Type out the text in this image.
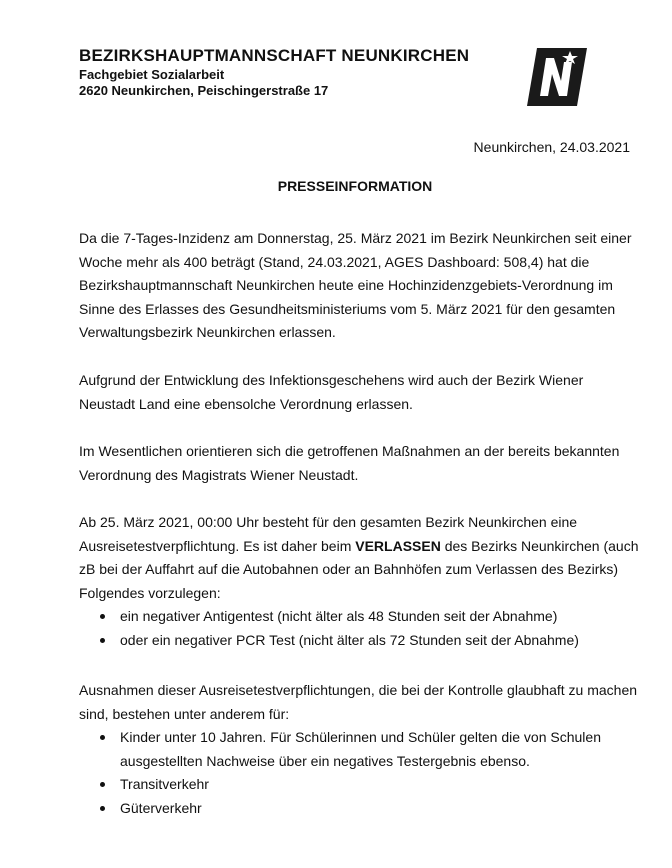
BEZIRKSHAUPTMANNSCHAFT NEUNKIRCHEN
Fachgebiet Sozialarbeit
2620 Neunkirchen, Peischingerstraße 17
Neunkirchen, 24.03.2021
PRESSEINFORMATION

Da die 7-Tages-Inzidenz am Donnerstag, 25. März 2021 im Bezirk Neunkirchen seit einer Woche mehr als 400 beträgt (Stand, 24.03.2021, AGES Dashboard: 508,4) hat die Bezirkshauptmannschaft Neunkirchen heute eine Hochinzidenzgebiets-Verordnung im Sinne des Erlasses des Gesundheitsministeriums vom 5. März 2021 für den gesamten Verwaltungsbezirk Neunkirchen erlassen.

Aufgrund der Entwicklung des Infektionsgeschehens wird auch der Bezirk Wiener Neustadt Land eine ebensolche Verordnung erlassen.

Im Wesentlichen orientieren sich die getroffenen Maßnahmen an der bereits bekannten Verordnung des Magistrats Wiener Neustadt.

Ab 25. März 2021, 00:00 Uhr besteht für den gesamten Bezirk Neunkirchen eine Ausreisetestverpflichtung. Es ist daher beim VERLASSEN des Bezirks Neunkirchen (auch zB bei der Auffahrt auf die Autobahnen oder an Bahnhöfen zum Verlassen des Bezirks) Folgendes vorzulegen:

ein negativer Antigentest (nicht älter als 48 Stunden seit der Abnahme)
oder ein negativer PCR Test (nicht älter als 72 Stunden seit der Abnahme)

Ausnahmen dieser Ausreisetestverpflichtungen, die bei der Kontrolle glaubhaft zu machen sind, bestehen unter anderem für:

Kinder unter 10 Jahren. Für Schülerinnen und Schüler gelten die von Schulen ausgestellten Nachweise über ein negatives Testergebnis ebenso.
Transitverkehr
Güterverkehr
